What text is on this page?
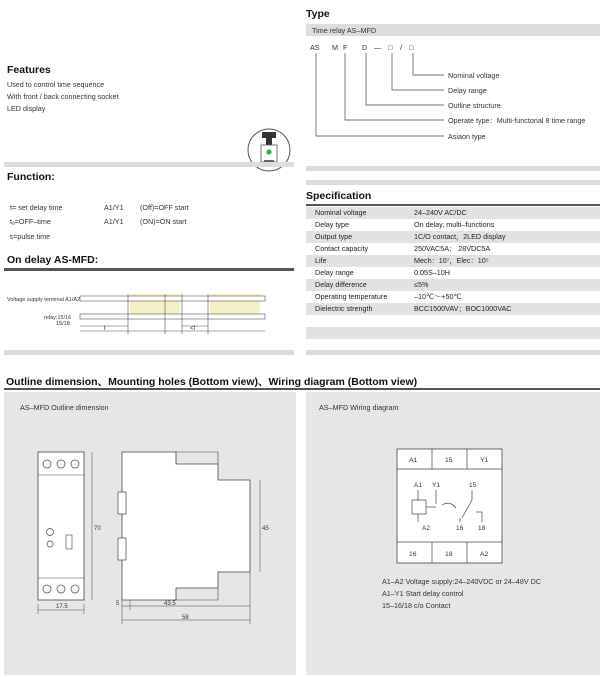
Type
Time relay AS–MFD
AS M F D — □ / □
Nominal voltage
Delay range
Outline structure
Operate type：Multi-functonal 8 time range
Asiaon type
Features
Used to control time sequence
With front / back connecting socket
LED display
Function:
t= set delay time	A1/Y1 (Off)=OFF start
tₐ=OFF–time	A1/Y1 (ON)=ON start
tᵢ=pulse time
On delay AS-MFD:
Voltage supply terminal A1/A2
relay:15/16
15/18
t	<t
Specification
Nominal voltage	24–240V AC/DC
Delay type	On delay, multi–functions
Output type	1C/O contact，2LED display
Contact capacity	250VAC5A； 28VDC5A
Life	Mech：10⁷，Elec：10⁵
Delay range	0.05S–10H
Delay difference	≤5%
Operating temperature	–10℃～+50℃
Dielectric strength	BCC1500VAV；BOC1000VAC
Outline dimension、Mounting holes (Bottom view)、Wiring diagram (Bottom view)
AS–MFD Outline dimension
17.5
70	45
5	43.5
58
AS–MFD Wiring diagram
A1	15	Y1
16	18	A2
A1 Y1	15
A2	16 18
A1–A2 Voltage supply:24–240VDC or 24–48V DC
A1–Y1 Start delay control
15–16/18 c/o Contact
